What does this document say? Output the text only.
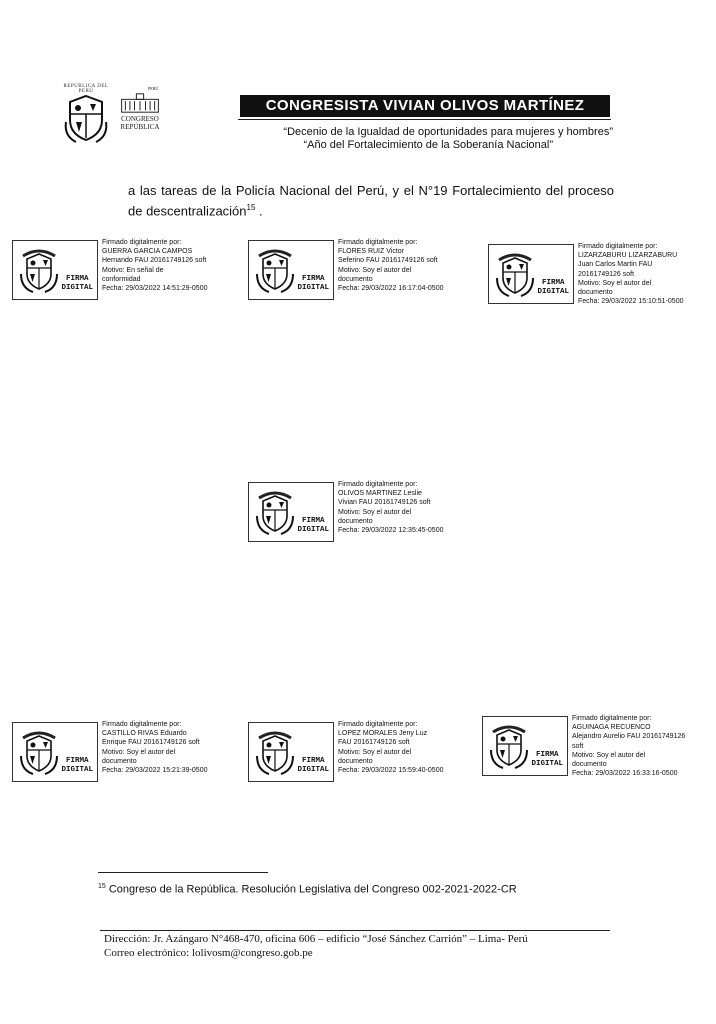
REPÚBLICA DEL PERÚ
PERÚ
CONGRESO
REPÚBLICA
CONGRESISTA VIVIAN OLIVOS MARTÍNEZ
“Decenio de la Igualdad de oportunidades para mujeres y hombres”
“Año del Fortalecimiento de la Soberanía Nacional”
a las tareas de la Policía Nacional del Perú, y el N°19 Fortalecimiento del proceso de descentralización$^{15}$ .
FIRMA
DIGITAL
Firmado digitalmente por:
GUERRA GARCIA CAMPOS
Hernando FAU 20161749126 soft
Motivo: En señal de
conformidad
Fecha: 29/03/2022 14:51:29-0500
FIRMA
DIGITAL
Firmado digitalmente por:
FLORES RUIZ Victor
Seferino FAU 20161749126 soft
Motivo: Soy el autor del
documento
Fecha: 29/03/2022 16:17:04-0500
FIRMA
DIGITAL
Firmado digitalmente por:
LIZARZABURU LIZARZABURU
Juan Carlos Martin FAU
20161749126 soft
Motivo: Soy el autor del
documento
Fecha: 29/03/2022 15:10:51-0500
FIRMA
DIGITAL
Firmado digitalmente por:
OLIVOS MARTINEZ Leslie
Vivian FAU 20161749126 soft
Motivo: Soy el autor del
documento
Fecha: 29/03/2022 12:35:45-0500
FIRMA
DIGITAL
Firmado digitalmente por:
CASTILLO RIVAS Eduardo
Enrique FAU 20161749126 soft
Motivo: Soy el autor del
documento
Fecha: 29/03/2022 15:21:39-0500
FIRMA
DIGITAL
Firmado digitalmente por:
LOPEZ MORALES Jeny Luz
FAU 20161749126 soft
Motivo: Soy el autor del
documento
Fecha: 29/03/2022 15:59:40-0500
FIRMA
DIGITAL
Firmado digitalmente por:
AGUINAGA RECUENCO
Alejandro Aurelio FAU 20161749126
soft
Motivo: Soy el autor del
documento
Fecha: 29/03/2022 16:33:16-0500
$^{15}$ Congreso de la República. Resolución Legislativa del Congreso 002-2021-2022-CR
Dirección: Jr. Azángaro N°468-470, oficina 606 – edificio “José Sánchez Carrión” – Lima- Perú
Correo electrónico: lolivosm@congreso.gob.pe
